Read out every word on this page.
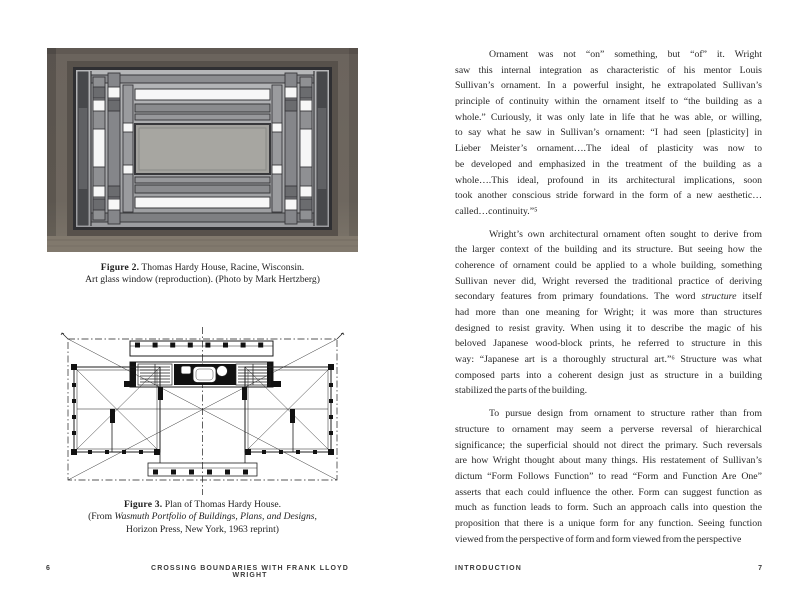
Figure 2. Thomas Hardy House, Racine, Wisconsin.
Art glass window (reproduction). (Photo by Mark Hertzberg)
Figure 3. Plan of Thomas Hardy House.
(From Wasmuth Portfolio of Buildings, Plans, and Designs,
Horizon Press, New York, 1963 reprint)
6	CROSSING BOUNDARIES WITH FRANK LLOYD WRIGHT
Ornament was not “on” something, but “of” it. Wright
saw this internal integration as characteristic of his mentor Louis
Sullivan’s ornament. In a powerful insight, he extrapolated Sullivan’s
principle of continuity within the ornament itself to “the building as a
whole.” Curiously, it was only late in life that he was able, or willing,
to say what he saw in Sullivan’s ornament: “I had seen [plasticity] in
Lieber Meister’s ornament….The ideal of plasticity was now to
be developed and emphasized in the treatment of the building as a
whole….This ideal, profound in its architectural implications, soon
took another conscious stride forward in the form of a new aesthetic…
called…continuity.”⁵
Wright’s own architectural ornament often sought to derive from
the larger context of the building and its structure. But seeing how the
coherence of ornament could be applied to a whole building, something
Sullivan never did, Wright reversed the traditional practice of deriving
secondary features from primary foundations. The word structure itself
had more than one meaning for Wright; it was more than structures
designed to resist gravity. When using it to describe the magic of his
beloved Japanese wood-block prints, he referred to structure in this
way: “Japanese art is a thoroughly structural art.”⁶ Structure was what
composed parts into a coherent design just as structure in a building
stabilized the parts of the building.
To pursue design from ornament to structure rather than from
structure to ornament may seem a perverse reversal of hierarchical
significance; the superficial should not direct the primary. Such reversals
are how Wright thought about many things. His restatement of Sullivan’s
dictum “Form Follows Function” to read “Form and Function Are One”
asserts that each could influence the other. Form can suggest function as
much as function leads to form. Such an approach calls into question the
proposition that there is a unique form for any function. Seeing function
viewed from the perspective of form and form viewed from the perspective
INTRODUCTION	7
